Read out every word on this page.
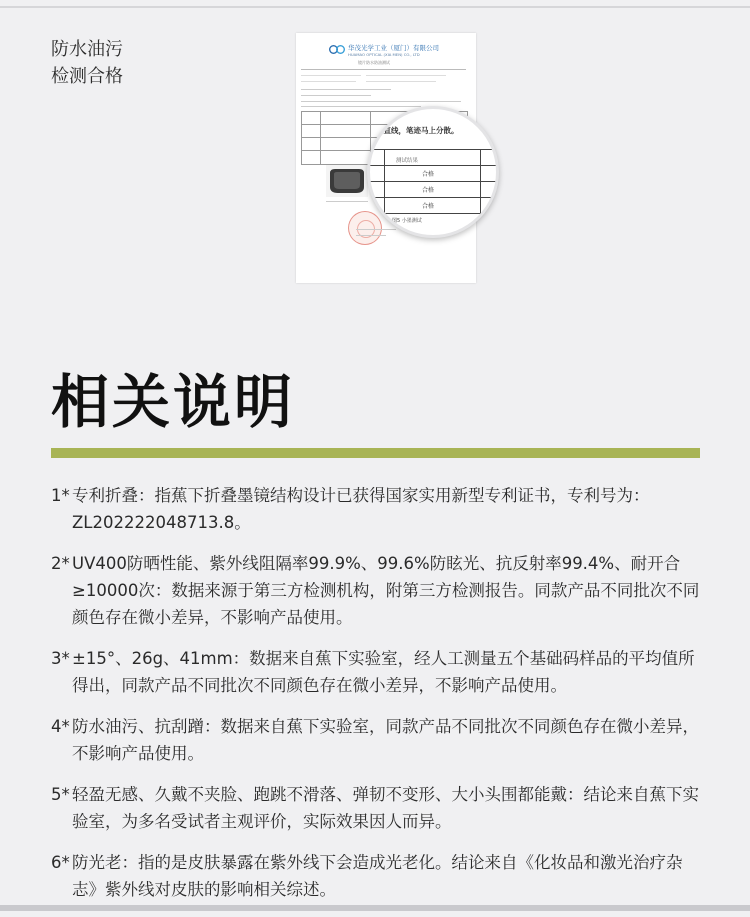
防水油污
检测合格
华茂光学工业（厦门）有限公司
HUAMAO OPTICAL (XIA MEN) CO., LTD
镜片防水防油测试
寸直线，笔迹马上分散。
测试结果
合格
合格
合格
图5 小墨测试
相关说明
1* 专利折叠：指蕉下折叠墨镜结构设计已获得国家实用新型专利证书，专利号为：ZL202222048713.8。
2* UV400防晒性能、紫外线阻隔率99.9%、99.6%防眩光、抗反射率99.4%、耐开合≥10000次：数据来源于第三方检测机构，附第三方检测报告。同款产品不同批次不同颜色存在微小差异，不影响产品使用。
3* ±15°、26g、41mm：数据来自蕉下实验室，经人工测量五个基础码样品的平均值所得出，同款产品不同批次不同颜色存在微小差异，不影响产品使用。
4* 防水油污、抗刮蹭：数据来自蕉下实验室，同款产品不同批次不同颜色存在微小差异，不影响产品使用。
5* 轻盈无感、久戴不夹脸、跑跳不滑落、弹韧不变形、大小头围都能戴：结论来自蕉下实验室，为多名受试者主观评价，实际效果因人而异。
6* 防光老：指的是皮肤暴露在紫外线下会造成光老化。结论来自《化妆品和激光治疗杂志》紫外线对皮肤的影响相关综述。
